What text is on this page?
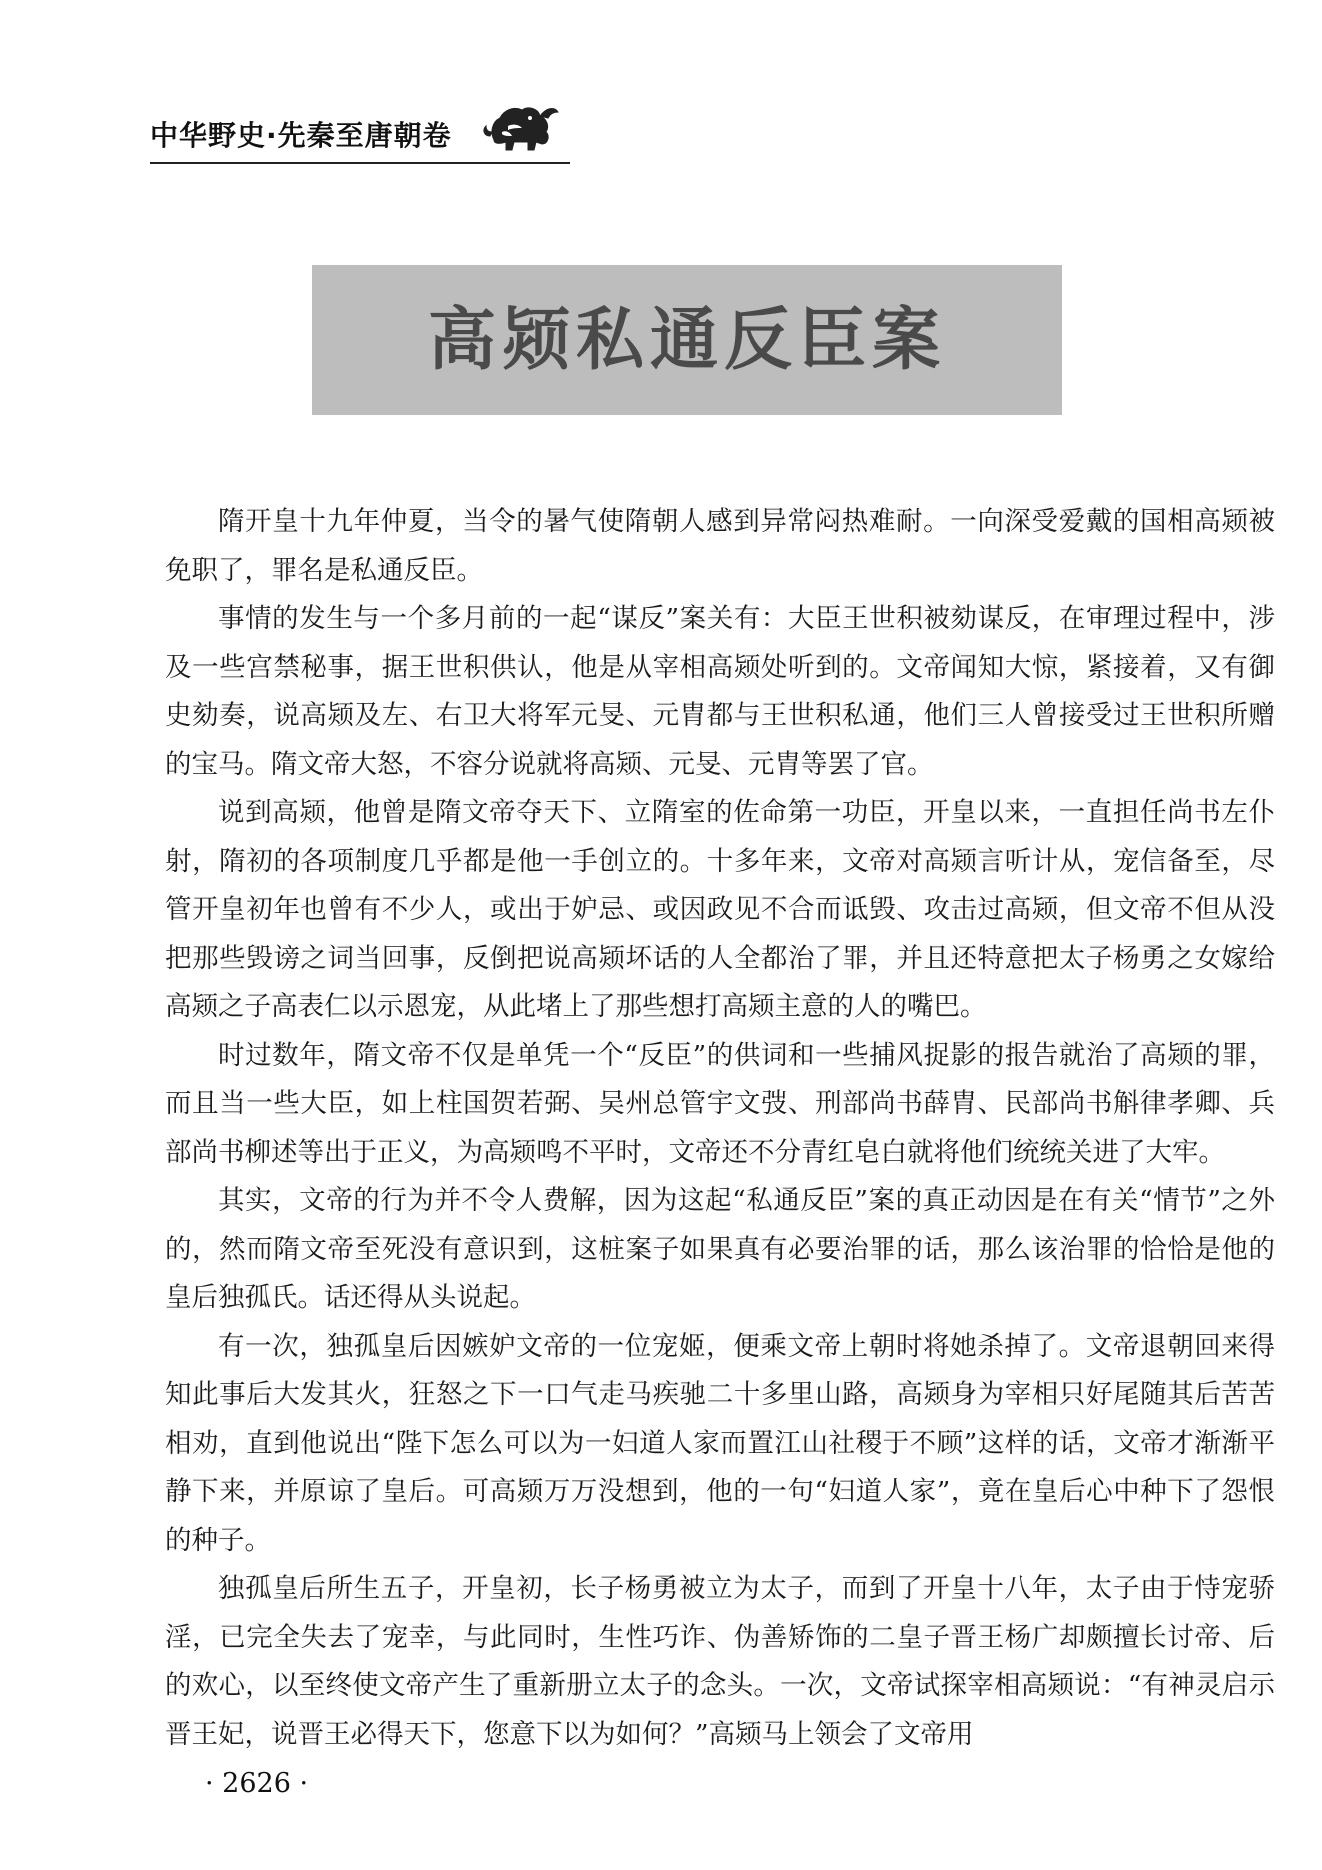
中华野史·先秦至唐朝卷
高颎私通反臣案

隋开皇十九年仲夏，当令的暑气使隋朝人感到异常闷热难耐。一向深受爱戴的国相高颎被免职了，罪名是私通反臣。

事情的发生与一个多月前的一起“谋反”案关有：大臣王世积被劾谋反，在审理过程中，涉及一些宫禁秘事，据王世积供认，他是从宰相高颎处听到的。文帝闻知大惊，紧接着，又有御史劾奏，说高颎及左、右卫大将军元旻、元胄都与王世积私通，他们三人曾接受过王世积所赠的宝马。隋文帝大怒，不容分说就将高颎、元旻、元胄等罢了官。

说到高颎，他曾是隋文帝夺天下、立隋室的佐命第一功臣，开皇以来，一直担任尚书左仆射，隋初的各项制度几乎都是他一手创立的。十多年来，文帝对高颎言听计从，宠信备至，尽管开皇初年也曾有不少人，或出于妒忌、或因政见不合而诋毁、攻击过高颎，但文帝不但从没把那些毁谤之词当回事，反倒把说高颎坏话的人全都治了罪，并且还特意把太子杨勇之女嫁给高颎之子高表仁以示恩宠，从此堵上了那些想打高颎主意的人的嘴巴。

时过数年，隋文帝不仅是单凭一个“反臣”的供词和一些捕风捉影的报告就治了高颎的罪，而且当一些大臣，如上柱国贺若弼、吴州总管宇文弢、刑部尚书薛胄、民部尚书斛律孝卿、兵部尚书柳述等出于正义，为高颎鸣不平时，文帝还不分青红皂白就将他们统统关进了大牢。

其实，文帝的行为并不令人费解，因为这起“私通反臣”案的真正动因是在有关“情节”之外的，然而隋文帝至死没有意识到，这桩案子如果真有必要治罪的话，那么该治罪的恰恰是他的皇后独孤氏。话还得从头说起。

有一次，独孤皇后因嫉妒文帝的一位宠姬，便乘文帝上朝时将她杀掉了。文帝退朝回来得知此事后大发其火，狂怒之下一口气走马疾驰二十多里山路，高颎身为宰相只好尾随其后苦苦相劝，直到他说出“陛下怎么可以为一妇道人家而置江山社稷于不顾”这样的话，文帝才渐渐平静下来，并原谅了皇后。可高颎万万没想到，他的一句“妇道人家”，竟在皇后心中种下了怨恨的种子。

独孤皇后所生五子，开皇初，长子杨勇被立为太子，而到了开皇十八年，太子由于恃宠骄淫，已完全失去了宠幸，与此同时，生性巧诈、伪善矫饰的二皇子晋王杨广却颇擅长讨帝、后的欢心，以至终使文帝产生了重新册立太子的念头。一次，文帝试探宰相高颎说：“有神灵启示晋王妃，说晋王必得天下，您意下以为如何？”高颎马上领会了文帝用

· 2626 ·
